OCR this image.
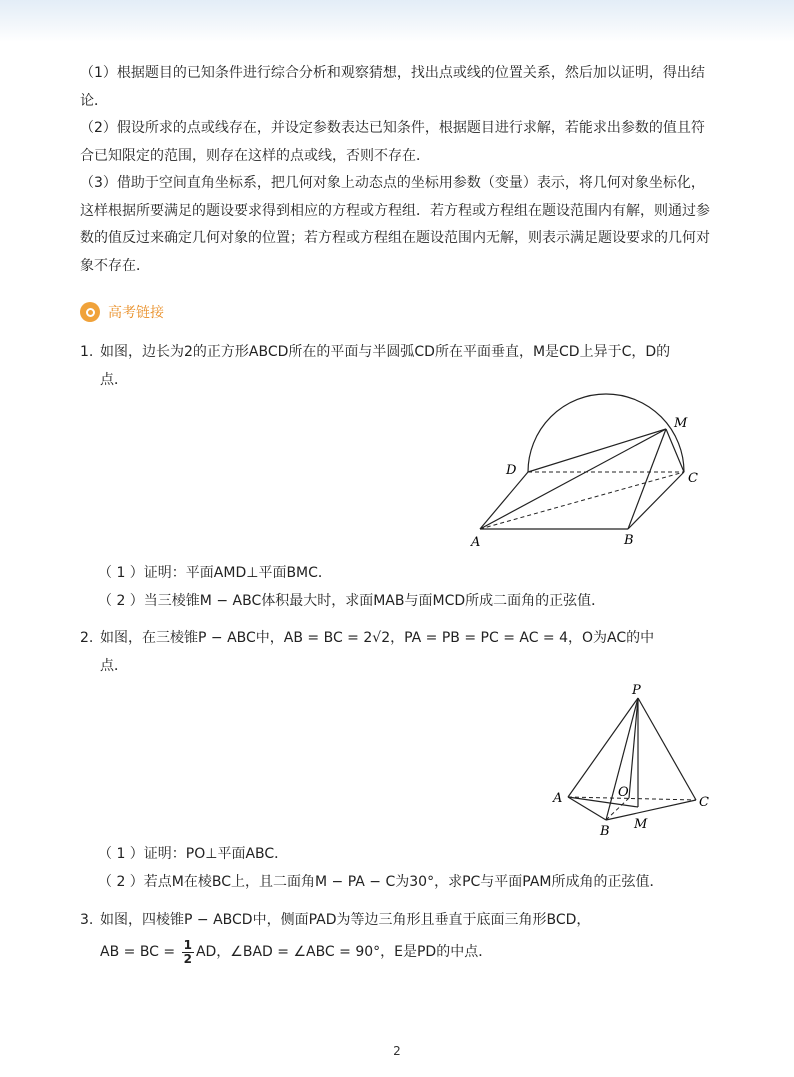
（1）根据题目的已知条件进行综合分析和观察猜想，找出点或线的位置关系，然后加以证明，得出结
论．
（2）假设所求的点或线存在，并设定参数表达已知条件，根据题目进行求解，若能求出参数的值且符
合已知限定的范围，则存在这样的点或线，否则不存在．
（3）借助于空间直角坐标系，把几何对象上动态点的坐标用参数（变量）表示，将几何对象坐标化，
这样根据所要满足的题设要求得到相应的方程或方程组．若方程或方程组在题设范围内有解，则通过参
数的值反过来确定几何对象的位置；若方程或方程组在题设范围内无解，则表示满足题设要求的几何对
象不存在．
高考链接
1. 如图，边长为2的正方形ABCD所在的平面与半圆弧CD所在平面垂直，M是CD上异于C，D的
点．
A	B
C
D
M
（ 1 ）证明：平面AMD⊥平面BMC．
（ 2 ）当三棱锥M − ABC体积最大时，求面MAB与面MCD所成二面角的正弦值．
2. 如图，在三棱锥P − ABC中，AB = BC = 2√2，PA = PB = PC = AC = 4，O为AC的中
点．
P
A
B
C
O
M
（ 1 ）证明：PO⊥平面ABC．
（ 2 ）若点M在棱BC上，且二面角M − PA − C为30°，求PC与平面PAM所成角的正弦值．
3. 如图，四棱锥P − ABCD中，侧面PAD为等边三角形且垂直于底面三角形BCD，
AB = BC = $\frac{1}{2}$ AD，∠BAD = ∠ABC = 90°，E是PD的中点．
2
